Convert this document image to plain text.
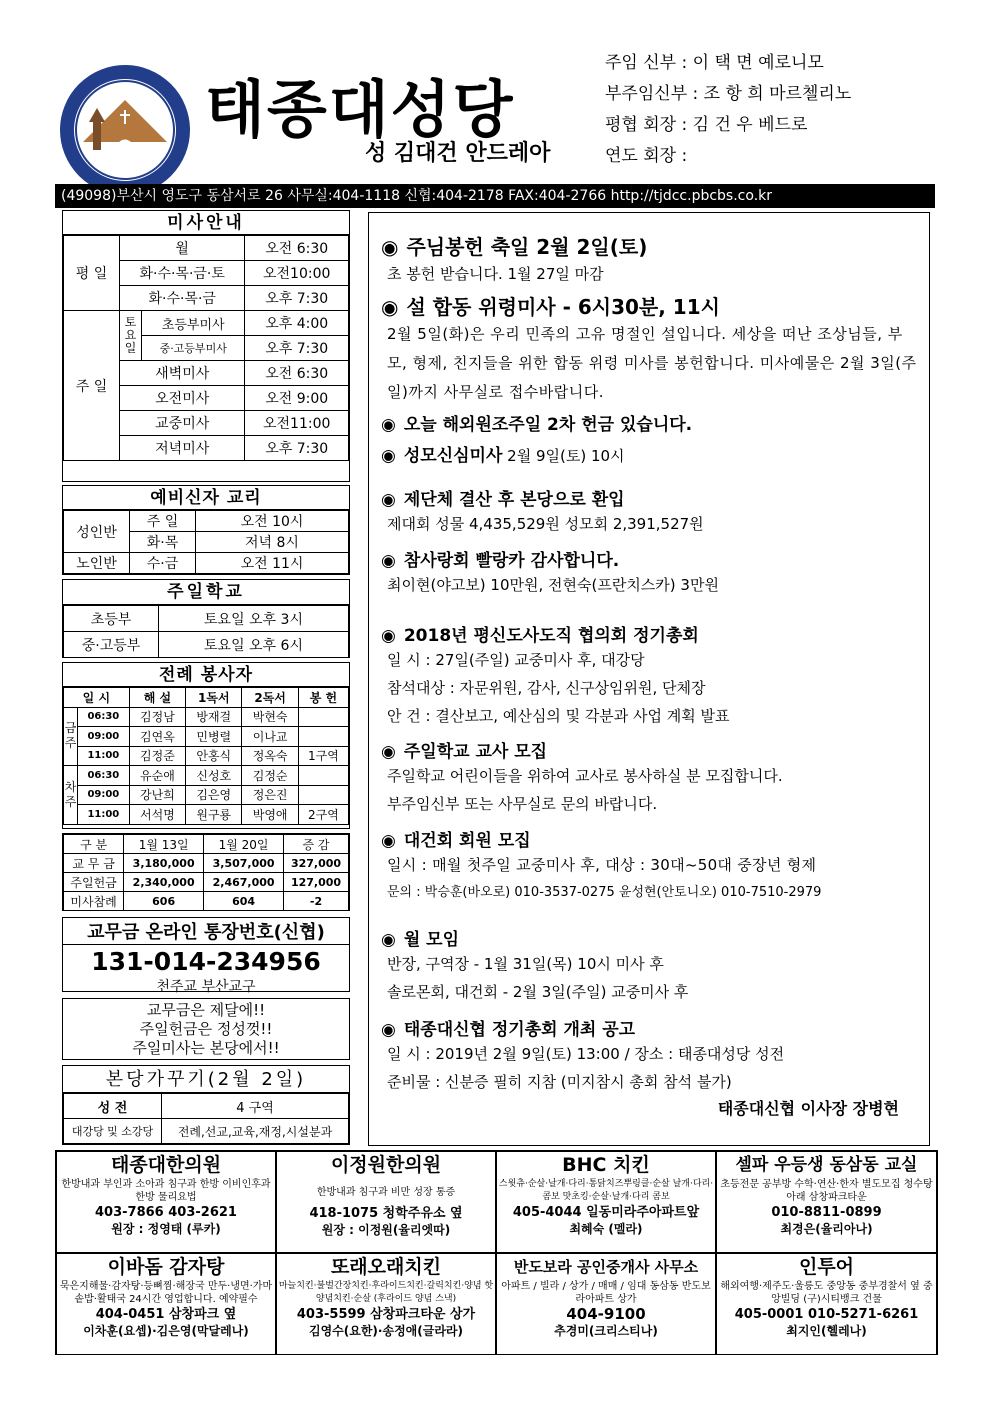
태종대성당
성 김대건 안드레아
주임 신부 : 이 택 면 예로니모
부주임신부 : 조 항 희 마르첼리노
평협 회장 : 김 건 우 베드로
연도 회장 :
(49098)부산시 영도구 동삼서로 26 사무실:404-1118 신협:404-2178 FAX:404-2766 http://tjdcc.pbcbs.co.kr
미사안내
평 일	월		오전 6:30
	화·수·목·금·토		오전10:00
	화·수·목·금		오후 7:30
주 일	토요일	초등부미사	오후 4:00
		중·고등부미사	오후 7:30
	새벽미사		오전 6:30
	오전미사		오전 9:00
	교중미사		오전11:00
	저녁미사		오후 7:30
예비신자 교리
성인반	주 일	오전 10시
	화·목	저녁 8시
노인반	수·금	오전 11시
주일학교
초등부	토요일 오후 3시
중·고등부	토요일 오후 6시
전례 봉사자
일 시		해 설	1독서	2독서	봉 헌
금주	06:30	김정남	방재걸	박현숙	
	09:00	김연옥	민병렬	이나교	
	11:00	김정준	안홍식	정옥숙	1구역
차주	06:30	유순애	신성호	김정순	
	09:00	강난희	김은영	정은진	
	11:00	서석명	원구룡	박영애	2구역
구 분	1월 13일	1월 20일	증 감
교 무 금	3,180,000	3,507,000	327,000
주일헌금	2,340,000	2,467,000	127,000
미사참례	606	604	-2
교무금 온라인 통장번호(신협)
131-014-234956
천주교 부산교구
교무금은 제달에!!
주일헌금은 정성껏!!
주일미사는 본당에서!!
본당가꾸기(2월 2일)
성 전	4 구역
대강당 및 소강당	전례,선교,교육,재정,시설분과
◉ 주님봉헌 축일 2월 2일(토)
초 봉헌 받습니다. 1월 27일 마감
◉ 설 합동 위령미사 - 6시30분, 11시
2월 5일(화)은 우리 민족의 고유 명절인 설입니다. 세상을 떠난 조상님들, 부모, 형제, 친지들을 위한 합동 위령 미사를 봉헌합니다. 미사예물은 2월 3일(주일)까지 사무실로 접수바랍니다.
◉ 오늘 해외원조주일 2차 헌금 있습니다.
◉ 성모신심미사 2월 9일(토) 10시
◉ 제단체 결산 후 본당으로 환입
제대회 성물 4,435,529원 성모회 2,391,527원
◉ 참사랑회 빨랑카 감사합니다.
최이현(야고보) 10만원, 전현숙(프란치스카) 3만원
◉ 2018년 평신도사도직 협의회 정기총회
일 시 : 27일(주일) 교중미사 후, 대강당
참석대상 : 자문위원, 감사, 신구상임위원, 단체장
안 건 : 결산보고, 예산심의 및 각분과 사업 계획 발표
◉ 주일학교 교사 모집
주일학교 어린이들을 위하여 교사로 봉사하실 분 모집합니다.
부주임신부 또는 사무실로 문의 바랍니다.
◉ 대건회 회원 모집
일시 : 매월 첫주일 교중미사 후, 대상 : 30대~50대 중장년 형제
문의 : 박승훈(바오로) 010-3537-0275 윤성현(안토니오) 010-7510-2979
◉ 월 모임
반장, 구역장 - 1월 31일(목) 10시 미사 후
솔로몬회, 대건회 - 2월 3일(주일) 교중미사 후
◉ 태종대신협 정기총회 개최 공고
일 시 : 2019년 2월 9일(토) 13:00 / 장소 : 태종대성당 성전
준비물 : 신분증 필히 지참 (미지참시 총회 참석 불가)
태종대신협 이사장 장병현
태종대한의원
한방내과 부인과 소아과 침구과 한방 이비인후과 한방 물리요법
403-7866 403-2621
원장 : 정영태 (루카)
이정원한의원
한방내과 침구과 비만 성장 통증
418-1075 청학주유소 옆
원장 : 이정원(율리엣따)
BHC 치킨
스윗츄·순살·날개·다리·통닭치즈뿌링클·순살 날개·다리·콤보 맛초킹·순살·날개·다리 콤보
405-4044 일동미라주아파트앞
최혜숙 (멜라)
셀파 우등생 동삼동 교실
초등전문 공부방 수학·연산·한자 별도모집 청수탕 아래 삼창파크타운
010-8811-0899
최경은(율리아나)
이바돔 감자탕
묵은지해물·감자탕·등뼈찜·해장국 만두·냉면·가마솥밥·활태국 24시간 영업합니다. 예약필수
404-0451 삼창파크 옆
이차훈(요셉)·김은영(막달레나)
또래오래치킨
마늘치킨·불벌간장치킨·후라이드치킨·갈릭치킨·양념 핫양념치킨·순살 (후라이드 양념 스낵)
403-5599 삼창파크타운 상가
김영수(요한)·송정애(글라라)
반도보라 공인중개사 사무소
아파트 / 빌라 / 상가 / 매매 / 임대 동삼동 반도보라아파트 상가
404-9100
추경미(크리스티나)
인투어
해외여행·제주도·울릉도 중앙동 중부경찰서 옆 중앙빌딩 (구)시티뱅크 건물
405-0001 010-5271-6261
최지인(헬레나)
